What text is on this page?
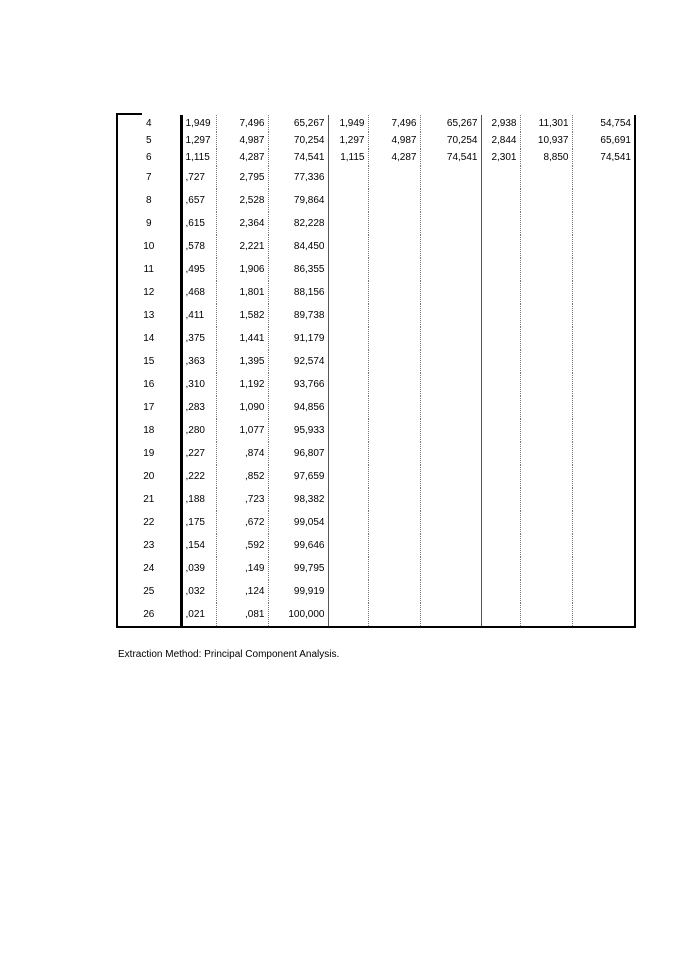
4	1,949	7,496	65,267	1,949	7,496	65,267	2,938	11,301	54,754
5	1,297	4,987	70,254	1,297	4,987	70,254	2,844	10,937	65,691
6	1,115	4,287	74,541	1,115	4,287	74,541	2,301	8,850	74,541
7	,727	2,795	77,336						
8	,657	2,528	79,864						
9	,615	2,364	82,228						
10	,578	2,221	84,450						
11	,495	1,906	86,355						
12	,468	1,801	88,156						
13	,411	1,582	89,738						
14	,375	1,441	91,179						
15	,363	1,395	92,574						
16	,310	1,192	93,766						
17	,283	1,090	94,856						
18	,280	1,077	95,933						
19	,227	,874	96,807						
20	,222	,852	97,659						
21	,188	,723	98,382						
22	,175	,672	99,054						
23	,154	,592	99,646						
24	,039	,149	99,795						
25	,032	,124	99,919						
26	,021	,081	100,000						
Extraction Method: Principal Component Analysis.
